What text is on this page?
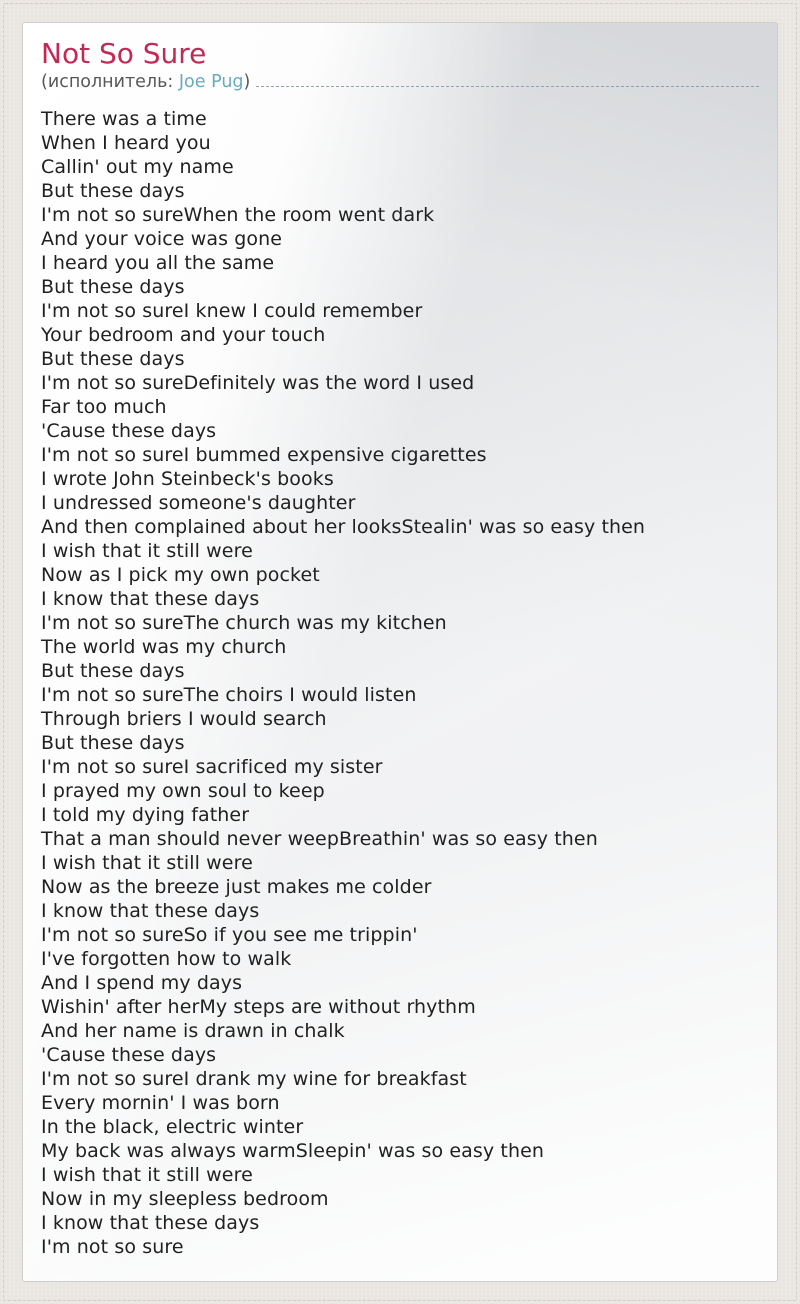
Not So Sure
(исполнитель: Joe Pug )
There was a time
When I heard you
Callin' out my name
But these days
I'm not so sureWhen the room went dark
And your voice was gone
I heard you all the same
But these days
I'm not so sureI knew I could remember
Your bedroom and your touch
But these days
I'm not so sureDefinitely was the word I used
Far too much
'Cause these days
I'm not so sureI bummed expensive cigarettes
I wrote John Steinbeck's books
I undressed someone's daughter
And then complained about her looksStealin' was so easy then
I wish that it still were
Now as I pick my own pocket
I know that these days
I'm not so sureThe church was my kitchen
The world was my church
But these days
I'm not so sureThe choirs I would listen
Through briers I would search
But these days
I'm not so sureI sacrificed my sister
I prayed my own soul to keep
I told my dying father
That a man should never weepBreathin' was so easy then
I wish that it still were
Now as the breeze just makes me colder
I know that these days
I'm not so sureSo if you see me trippin'
I've forgotten how to walk
And I spend my days
Wishin' after herMy steps are without rhythm
And her name is drawn in chalk
'Cause these days
I'm not so sureI drank my wine for breakfast
Every mornin' I was born
In the black, electric winter
My back was always warmSleepin' was so easy then
I wish that it still were
Now in my sleepless bedroom
I know that these days
I'm not so sure
